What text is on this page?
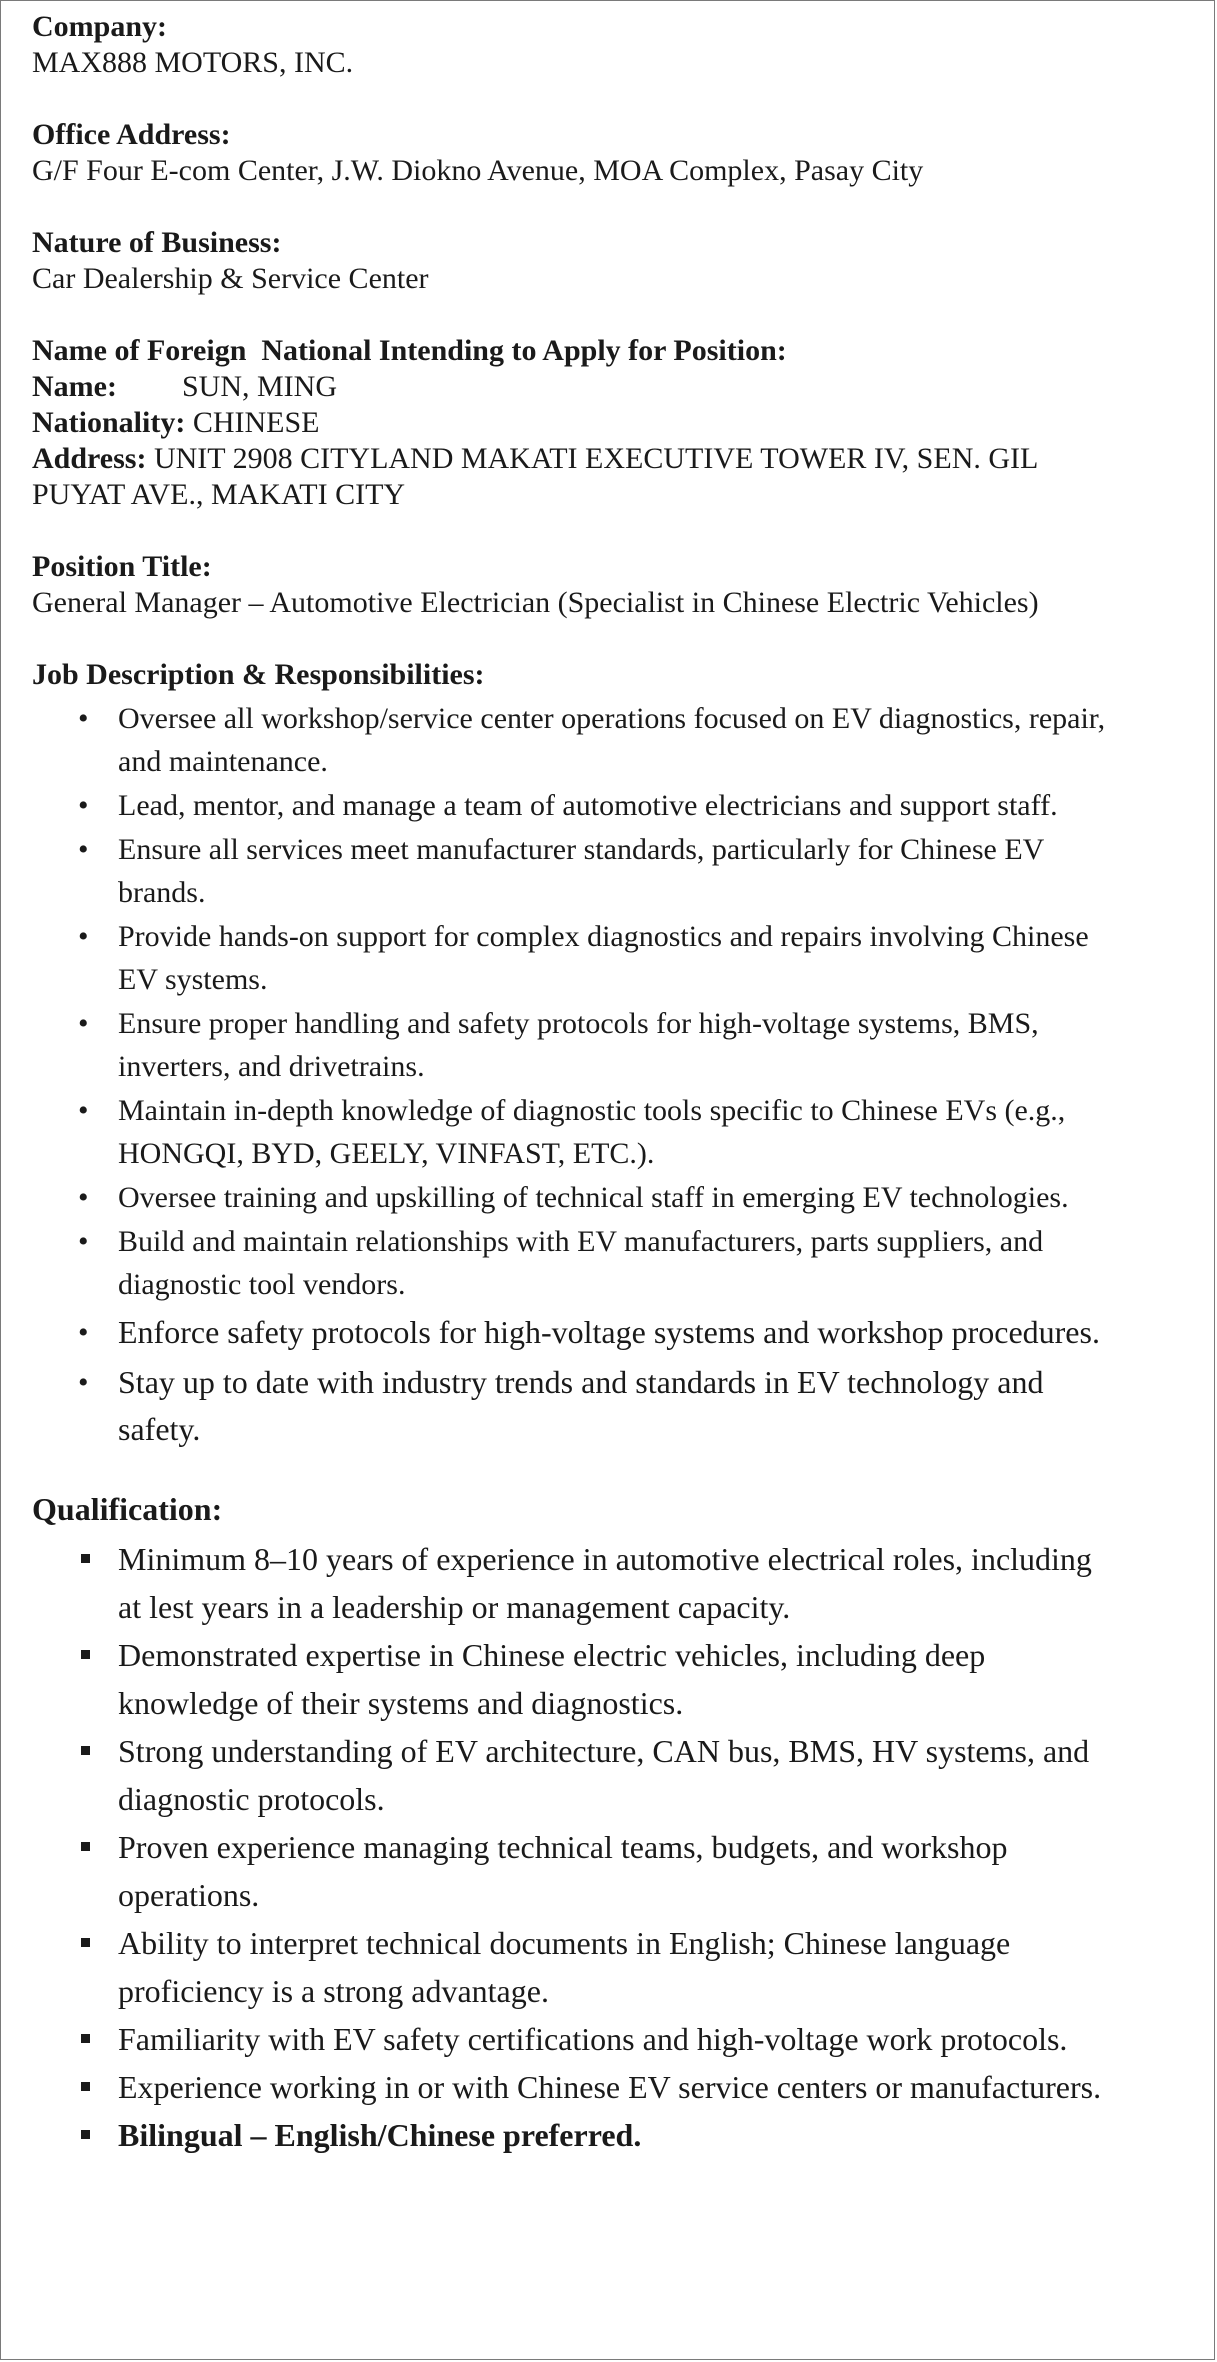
Company:

MAX888 MOTORS, INC.

Office Address:

G/F Four E-com Center, J.W. Diokno Avenue, MOA Complex, Pasay City

Nature of Business:

Car Dealership & Service Center

Name of Foreign  National Intending to Apply for Position:

Name: SUN, MING

Nationality: CHINESE

Address: UNIT 2908 CITYLAND MAKATI EXECUTIVE TOWER IV, SEN. GIL PUYAT AVE., MAKATI CITY

Position Title:

General Manager – Automotive Electrician (Specialist in Chinese Electric Vehicles)

Job Description & Responsibilities:

• Oversee all workshop/service center operations focused on EV diagnostics, repair, and maintenance.
• Lead, mentor, and manage a team of automotive electricians and support staff.
• Ensure all services meet manufacturer standards, particularly for Chinese EV brands.
• Provide hands-on support for complex diagnostics and repairs involving Chinese EV systems.
• Ensure proper handling and safety protocols for high-voltage systems, BMS, inverters, and drivetrains.
• Maintain in-depth knowledge of diagnostic tools specific to Chinese EVs (e.g., HONGQI, BYD, GEELY, VINFAST, ETC.).
• Oversee training and upskilling of technical staff in emerging EV technologies.
• Build and maintain relationships with EV manufacturers, parts suppliers, and diagnostic tool vendors.
• Enforce safety protocols for high-voltage systems and workshop procedures.
• Stay up to date with industry trends and standards in EV technology and safety.

Qualification:

Minimum 8–10 years of experience in automotive electrical roles, including at lest years in a leadership or management capacity.
Demonstrated expertise in Chinese electric vehicles, including deep knowledge of their systems and diagnostics.
Strong understanding of EV architecture, CAN bus, BMS, HV systems, and diagnostic protocols.
Proven experience managing technical teams, budgets, and workshop operations.
Ability to interpret technical documents in English; Chinese language proficiency is a strong advantage.
Familiarity with EV safety certifications and high-voltage work protocols.
Experience working in or with Chinese EV service centers or manufacturers.
Bilingual – English/Chinese preferred.
